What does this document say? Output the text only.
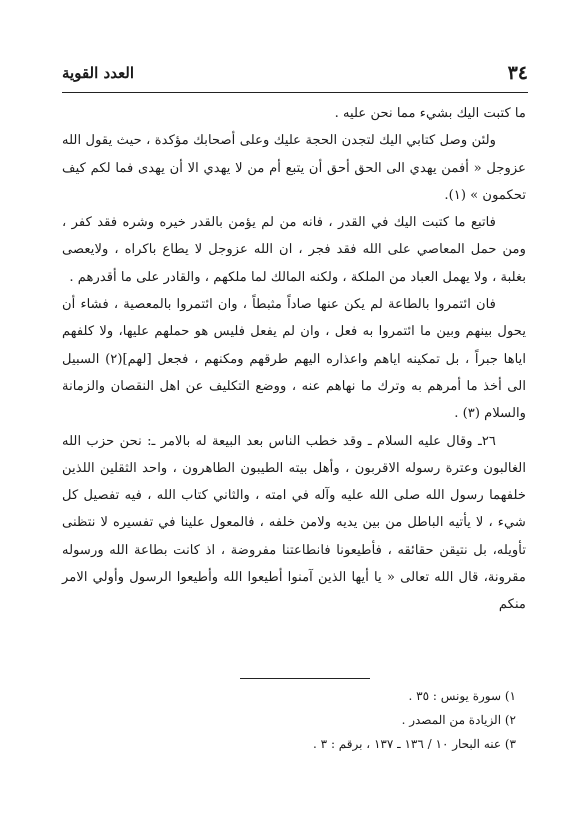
٣٤
العدد القوية

ما كتبت اليك بشيء مما نحن عليه .

ولئن وصل كتابي اليك لتجدن الحجة عليك وعلى أصحابك مؤكدة ، حيث يقول الله عزوجل « أفمن يهدي الى الحق أحق أن يتبع أم من لا يهدي الا أن يهدى فما لكم كيف تحكمون » (١).

فاتبع ما كتبت اليك في القدر ، فانه من لم يؤمن بالقدر خيره وشره فقد كفر ، ومن حمل المعاصي على الله فقد فجر ، ان الله عزوجل لا يطاع باكراه ، ولايعصى بغلبة ، ولا يهمل العباد من الملكة ، ولكنه المالك لما ملكهم ، والقادر على ما أقدرهم .

فان ائتمروا بالطاعة لم يكن عنها صاداً مثبطاً ، وان ائتمروا بالمعصية ، فشاء أن يحول بينهم وبين ما ائتمروا به فعل ، وان لم يفعل فليس هو حملهم عليها، ولا كلفهم اياها جبراً ، بل تمكينه اياهم واعذاره اليهم طرقهم ومكنهم ، فجعل [لهم](٢) السبيل الى أخذ ما أمرهم به وترك ما نهاهم عنه ، ووضع التكليف عن اهل النقصان والزمانة والسلام (٣) .

٢٦ـ وقال عليه السلام ـ وقد خطب الناس بعد البيعة له بالامر ـ: نحن حزب الله الغالبون وعترة رسوله الاقربون ، وأهل بيته الطيبون الطاهرون ، واحد الثقلين اللذين خلفهما رسول الله صلى الله عليه وآله في امته ، والثاني كتاب الله ، فيه تفصيل كل شيء ، لا يأتيه الباطل من بين يديه ولامن خلفه ، فالمعول علينا في تفسيره لا نتظنى تأويله، بل نتيقن حقائقه ، فأطيعونا فانطاعتنا مفروضة ، اذ كانت بطاعة الله ورسوله مقرونة، قال الله تعالى « يا أيها الذين آمنوا أطيعوا الله وأطيعوا الرسول وأولي الامر منكم

١) سورة يونس : ٣٥ .

٢) الزيادة من المصدر .

٣) عنه البحار ١٠ / ١٣٦ ـ ١٣٧ ، برقم : ٣ .
